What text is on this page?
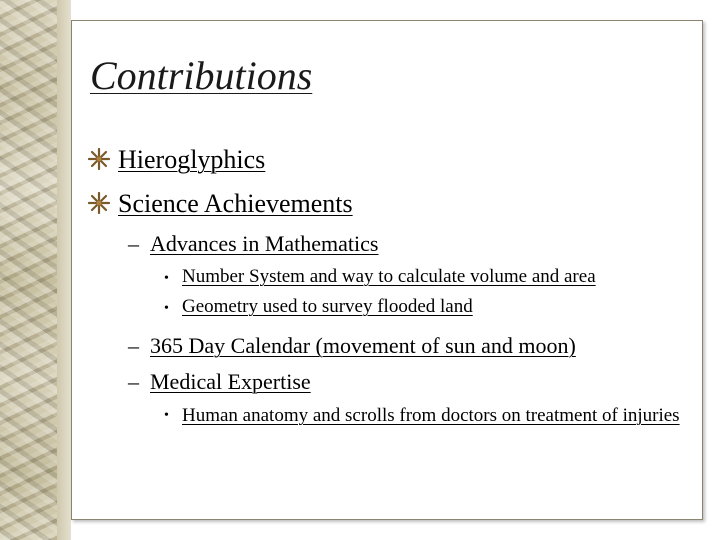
Contributions
Hieroglyphics
Science Achievements
– Advances in Mathematics
• Number System and way to calculate volume and area
• Geometry used to survey flooded land
– 365 Day Calendar (movement of sun and moon)
– Medical Expertise
• Human anatomy and scrolls from doctors on treatment of injuries
